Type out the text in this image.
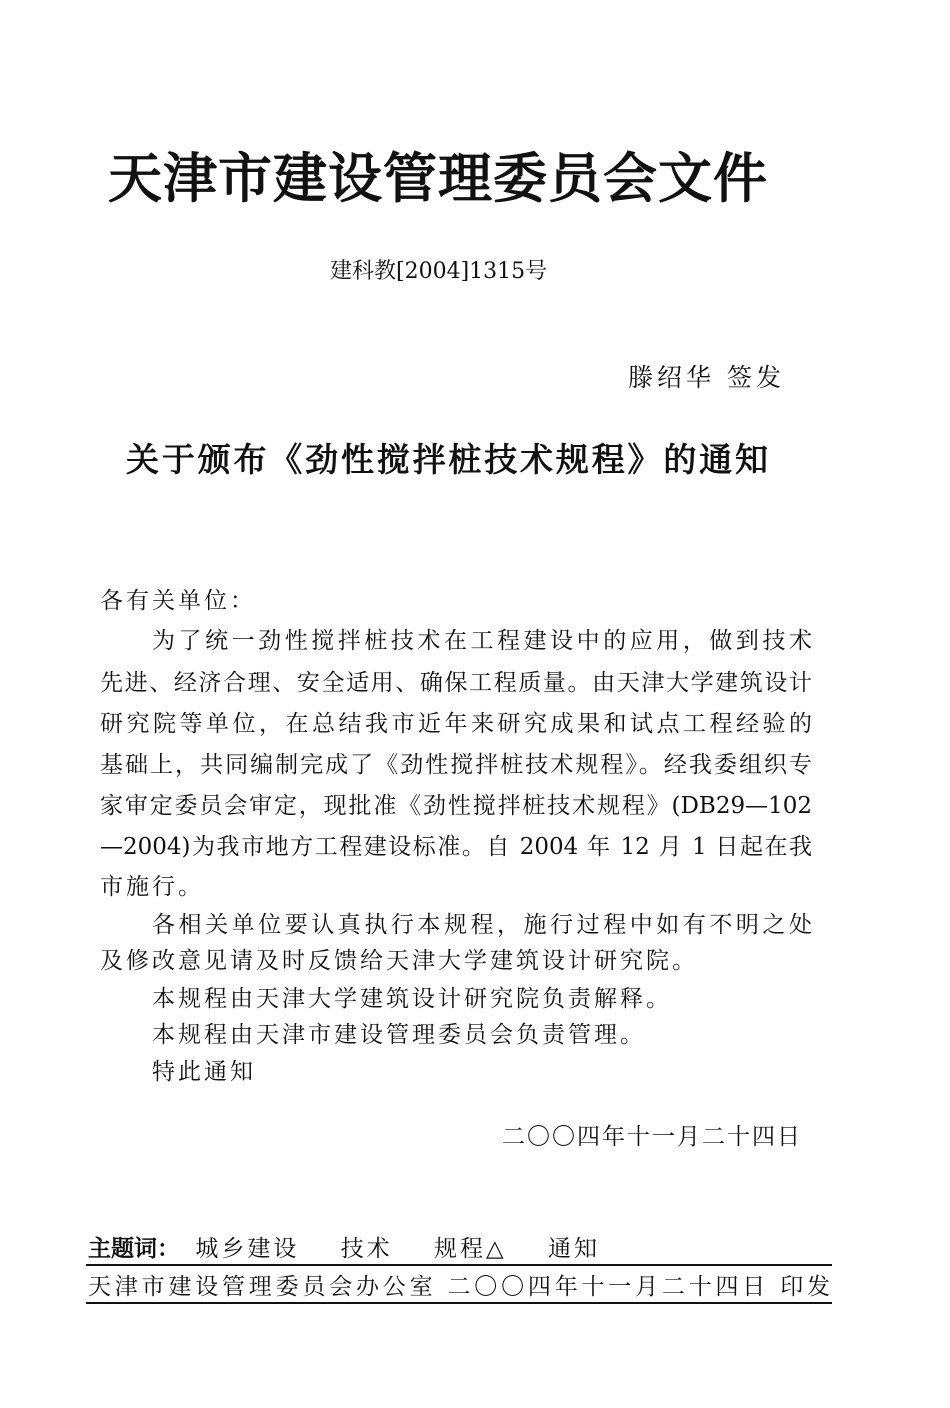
天津市建设管理委员会文件
建科教[2004]1315号
滕绍华 签发
关于颁布《劲性搅拌桩技术规程》的通知
各有关单位：
为了统一劲性搅拌桩技术在工程建设中的应用，做到技术
先进、经济合理、安全适用、确保工程质量。由天津大学建筑设计
研究院等单位，在总结我市近年来研究成果和试点工程经验的
基础上，共同编制完成了《劲性搅拌桩技术规程》。经我委组织专
家审定委员会审定，现批准《劲性搅拌桩技术规程》(DB29—102
—2004)为我市地方工程建设标准。自 2004 年 12 月 1 日起在我
市施行。
各相关单位要认真执行本规程，施行过程中如有不明之处
及修改意见请及时反馈给天津大学建筑设计研究院。
本规程由天津大学建筑设计研究院负责解释。
本规程由天津市建设管理委员会负责管理。
特此通知
二〇〇四年十一月二十四日
主题词： 城乡建设 技术 规程△ 通知
天津市建设管理委员会办公室 二〇〇四年十一月二十四日 印发
